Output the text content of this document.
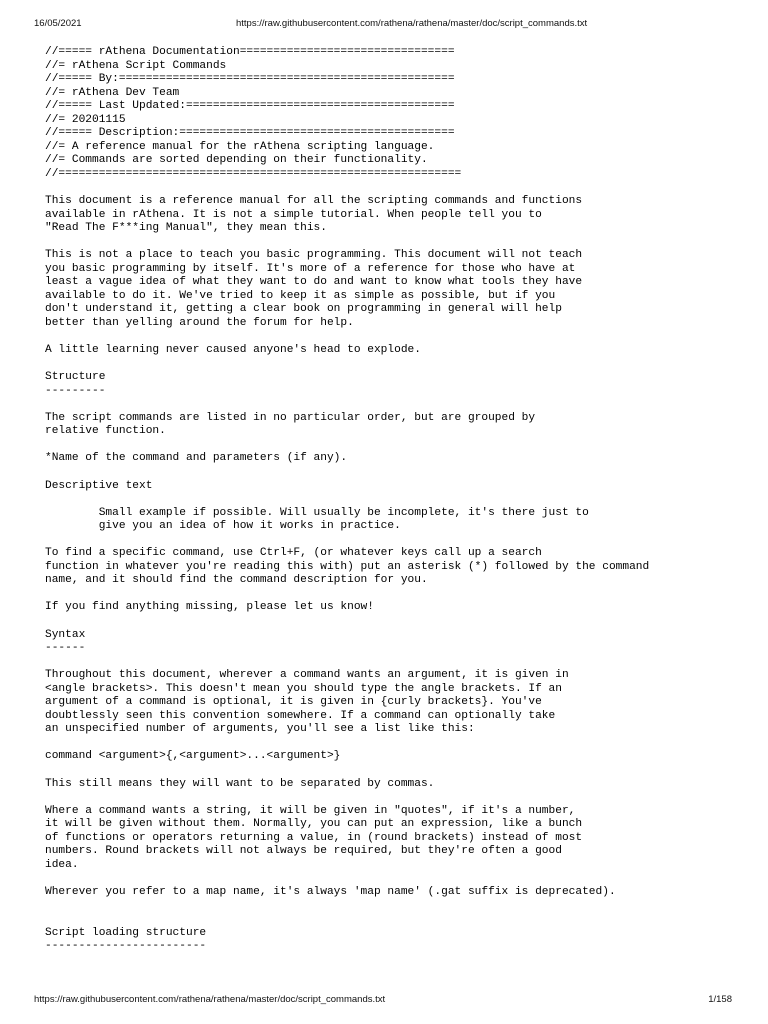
16/05/2021	https://raw.githubusercontent.com/rathena/rathena/master/doc/script_commands.txt
//===== rAthena Documentation================================
//= rAthena Script Commands
//===== By:==================================================
//= rAthena Dev Team
//===== Last Updated:========================================
//= 20201115
//===== Description:=========================================
//= A reference manual for the rAthena scripting language.
//= Commands are sorted depending on their functionality.
//============================================================
This document is a reference manual for all the scripting commands and functions
available in rAthena. It is not a simple tutorial. When people tell you to
"Read The F***ing Manual", they mean this.
This is not a place to teach you basic programming. This document will not teach
you basic programming by itself. It's more of a reference for those who have at
least a vague idea of what they want to do and want to know what tools they have
available to do it. We've tried to keep it as simple as possible, but if you
don't understand it, getting a clear book on programming in general will help
better than yelling around the forum for help.
A little learning never caused anyone's head to explode.
Structure
---------
The script commands are listed in no particular order, but are grouped by
relative function.
*Name of the command and parameters (if any).
Descriptive text
Small example if possible. Will usually be incomplete, it's there just to
give you an idea of how it works in practice.
To find a specific command, use Ctrl+F, (or whatever keys call up a search
function in whatever you're reading this with) put an asterisk (*) followed by the command
name, and it should find the command description for you.
If you find anything missing, please let us know!
Syntax
------
Throughout this document, wherever a command wants an argument, it is given in
<angle brackets>. This doesn't mean you should type the angle brackets. If an
argument of a command is optional, it is given in {curly brackets}. You've
doubtlessly seen this convention somewhere. If a command can optionally take
an unspecified number of arguments, you'll see a list like this:
command <argument>{,<argument>...<argument>}
This still means they will want to be separated by commas.
Where a command wants a string, it will be given in "quotes", if it's a number,
it will be given without them. Normally, you can put an expression, like a bunch
of functions or operators returning a value, in (round brackets) instead of most
numbers. Round brackets will not always be required, but they're often a good
idea.
Wherever you refer to a map name, it's always 'map name' (.gat suffix is deprecated).
Script loading structure
------------------------
https://raw.githubusercontent.com/rathena/rathena/master/doc/script_commands.txt	1/158
